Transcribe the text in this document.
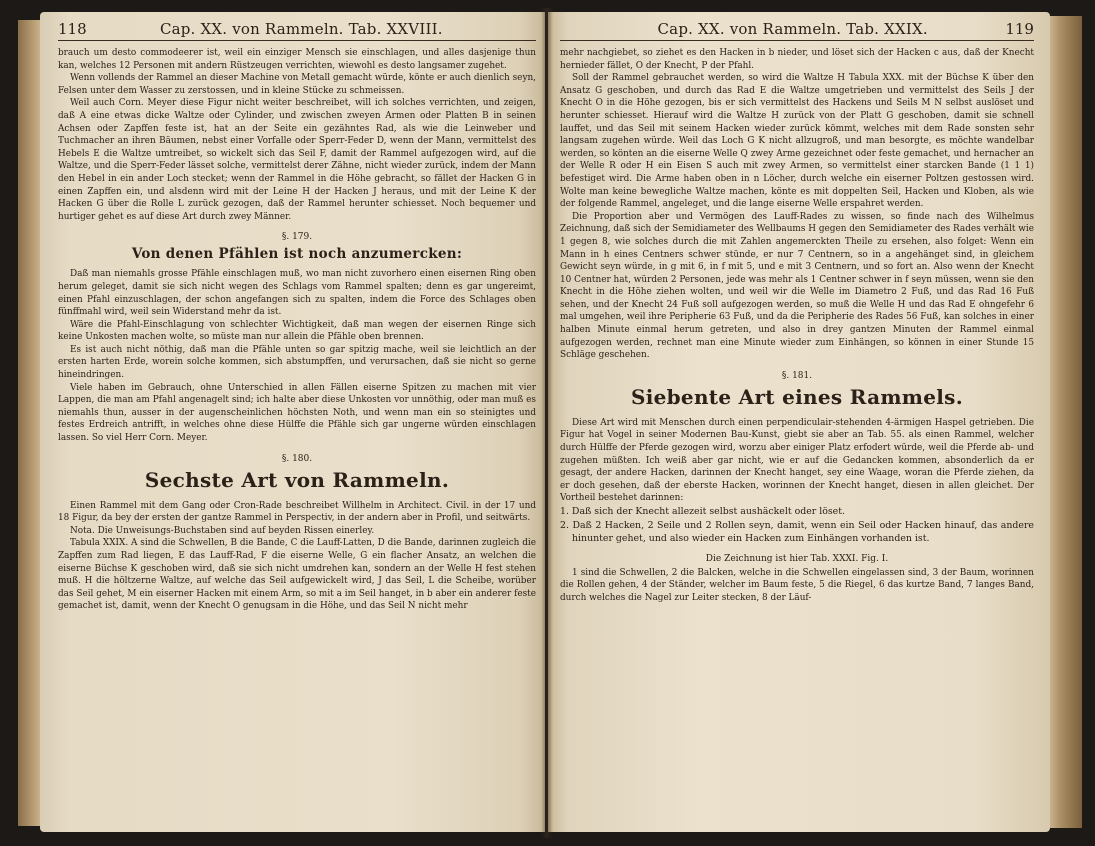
118	Cap. XX. von Rammeln. Tab. XXVIII.

brauch um desto commodeerer ist, weil ein einziger Mensch sie einschlagen, und alles dasjenige thun kan, welches 12 Personen mit andern Rüstzeugen verrichten, wiewohl es desto langsamer zugehet.

Wenn vollends der Rammel an dieser Machine von Metall gemacht würde, könte er auch dienlich seyn, Felsen unter dem Wasser zu zerstossen, und in kleine Stücke zu schmeissen.

Weil auch Corn. Meyer diese Figur nicht weiter beschreibet, will ich solches verrichten, und zeigen, daß A eine etwas dicke Waltze oder Cylinder, und zwischen zweyen Armen oder Platten B in seinen Achsen oder Zapffen feste ist, hat an der Seite ein gezähntes Rad, als wie die Leinweber und Tuchmacher an ihren Bäumen, nebst einer Vorfalle oder Sperr-Feder D, wenn der Mann, vermittelst des Hebels E die Waltze umtreibet, so wickelt sich das Seil F, damit der Rammel aufgezogen wird, auf die Waltze, und die Sperr-Feder lässet solche, vermittelst derer Zähne, nicht wieder zurück, indem der Mann den Hebel in ein ander Loch stecket; wenn der Rammel in die Höhe gebracht, so fället der Hacken G in einen Zapffen ein, und alsdenn wird mit der Leine H der Hacken J heraus, und mit der Leine K der Hacken G über die Rolle L zurück gezogen, daß der Rammel herunter schiesset. Noch bequemer und hurtiger gehet es auf diese Art durch zwey Männer.

§. 179.
Von denen Pfählen ist noch anzumercken:

Daß man niemahls grosse Pfähle einschlagen muß, wo man nicht zuvorhero einen eisernen Ring oben herum geleget, damit sie sich nicht wegen des Schlags vom Rammel spalten; denn es gar ungereimt, einen Pfahl einzuschlagen, der schon angefangen sich zu spalten, indem die Force des Schlages oben fünffmahl wird, weil sein Widerstand mehr da ist.

Wäre die Pfahl-Einschlagung von schlechter Wichtigkeit, daß man wegen der eisernen Ringe sich keine Unkosten machen wolte, so müste man nur allein die Pfähle oben brennen.

Es ist auch nicht nöthig, daß man die Pfähle unten so gar spitzig mache, weil sie leichtlich an der ersten harten Erde, worein solche kommen, sich abstumpffen, und verursachen, daß sie nicht so gerne hineindringen.

Viele haben im Gebrauch, ohne Unterschied in allen Fällen eiserne Spitzen zu machen mit vier Lappen, die man am Pfahl angenagelt sind; ich halte aber diese Unkosten vor unnöthig, oder man muß es niemahls thun, ausser in der augenscheinlichen höchsten Noth, und wenn man ein so steinigtes und festes Erdreich antrifft, in welches ohne diese Hülffe die Pfähle sich gar ungerne würden einschlagen lassen. So viel Herr Corn. Meyer.

§. 180.
Sechste Art von Rammeln.

Einen Rammel mit dem Gang oder Cron-Rade beschreibet Willhelm in Architect. Civil. in der 17 und 18 Figur, da bey der ersten der gantze Rammel in Perspectiv, in der andern aber in Profil, und seitwärts.

Nota. Die Unweisungs-Buchstaben sind auf beyden Rissen einerley.

Tabula XXIX. A sind die Schwellen, B die Bande, C die Lauff-Latten, D die Bande, darinnen zugleich die Zapffen zum Rad liegen, E das Lauff-Rad, F die eiserne Welle, G ein flacher Ansatz, an welchen die eiserne Büchse K geschoben wird, daß sie sich nicht umdrehen kan, sondern an der Welle H fest stehen muß. H die höltzerne Waltze, auf welche das Seil aufgewickelt wird, J das Seil, L die Scheibe, worüber das Seil gehet, M ein eiserner Hacken mit einem Arm, so mit a im Seil hanget, in b aber ein anderer feste gemachet ist, damit, wenn der Knecht O genugsam in die Höhe, und das Seil N nicht mehr

Cap. XX. von Rammeln. Tab. XXIX.	119

mehr nachgiebet, so ziehet es den Hacken in b nieder, und löset sich der Hacken c aus, daß der Knecht hernieder fället, O der Knecht, P der Pfahl.

Soll der Rammel gebrauchet werden, so wird die Waltze H Tabula XXX. mit der Büchse K über den Ansatz G geschoben, und durch das Rad E die Waltze umgetrieben und vermittelst des Seils J der Knecht O in die Höhe gezogen, bis er sich vermittelst des Hackens und Seils M N selbst auslöset und herunter schiesset. Hierauf wird die Waltze H zurück von der Platt G geschoben, damit sie schnell lauffet, und das Seil mit seinem Hacken wieder zurück kömmt, welches mit dem Rade sonsten sehr langsam zugehen würde. Weil das Loch G K nicht allzugroß, und man besorgte, es möchte wandelbar werden, so könten an die eiserne Welle Q zwey Arme gezeichnet oder feste gemachet, und hernacher an der Welle R oder H ein Eisen S auch mit zwey Armen, so vermittelst einer starcken Bande (1 1 1) befestiget wird. Die Arme haben oben in n Löcher, durch welche ein eiserner Poltzen gestossen wird. Wolte man keine bewegliche Waltze machen, könte es mit doppelten Seil, Hacken und Kloben, als wie der folgende Rammel, angeleget, und die lange eiserne Welle erspahret werden.

Die Proportion aber und Vermögen des Lauff-Rades zu wissen, so finde nach des Wilhelmus Zeichnung, daß sich der Semidiameter des Wellbaums H gegen den Semidiameter des Rades verhält wie 1 gegen 8, wie solches durch die mit Zahlen angemerckten Theile zu ersehen, also folget: Wenn ein Mann in h eines Centners schwer stünde, er nur 7 Centnern, so in a angehänget sind, in gleichem Gewicht seyn würde, in g mit 6, in f mit 5, und e mit 3 Centnern, und so fort an. Also wenn der Knecht 10 Centner hat, würden 2 Personen, jede was mehr als 1 Centner schwer in f seyn müssen, wenn sie den Knecht in die Höhe ziehen wolten, und weil wir die Welle im Diametro 2 Fuß, und das Rad 16 Fuß sehen, und der Knecht 24 Fuß soll aufgezogen werden, so muß die Welle H und das Rad E ohngefehr 6 mal umgehen, weil ihre Peripherie 63 Fuß, und da die Peripherie des Rades 56 Fuß, kan solches in einer halben Minute einmal herum getreten, und also in drey gantzen Minuten der Rammel einmal aufgezogen werden, rechnet man eine Minute wieder zum Einhängen, so können in einer Stunde 15 Schläge geschehen.

§. 181.
Siebente Art eines Rammels.

Diese Art wird mit Menschen durch einen perpendiculair-stehenden 4-ärmigen Haspel getrieben. Die Figur hat Vogel in seiner Modernen Bau-Kunst, giebt sie aber an Tab. 55. als einen Rammel, welcher durch Hülffe der Pferde gezogen wird, worzu aber einiger Platz erfodert würde, weil die Pferde ab- und zugehen müßten. Ich weiß aber gar nicht, wie er auf die Gedancken kommen, absonderlich da er gesagt, der andere Hacken, darinnen der Knecht hanget, sey eine Waage, woran die Pferde ziehen, da er doch gesehen, daß der eberste Hacken, worinnen der Knecht hanget, diesen in allen gleichet. Der Vortheil bestehet darinnen:

1. Daß sich der Knecht allezeit selbst aushäckelt oder löset.
2. Daß 2 Hacken, 2 Seile und 2 Rollen seyn, damit, wenn ein Seil oder Hacken hinauf, das andere hinunter gehet, und also wieder ein Hacken zum Einhängen vorhanden ist.
Die Zeichnung ist hier Tab. XXXI. Fig. I.

1 sind die Schwellen, 2 die Balcken, welche in die Schwellen eingelassen sind, 3 der Baum, worinnen die Rollen gehen, 4 der Ständer, welcher im Baum feste, 5 die Riegel, 6 das kurtze Band, 7 langes Band, durch welches die Nagel zur Leiter stecken, 8 der Läuf-
